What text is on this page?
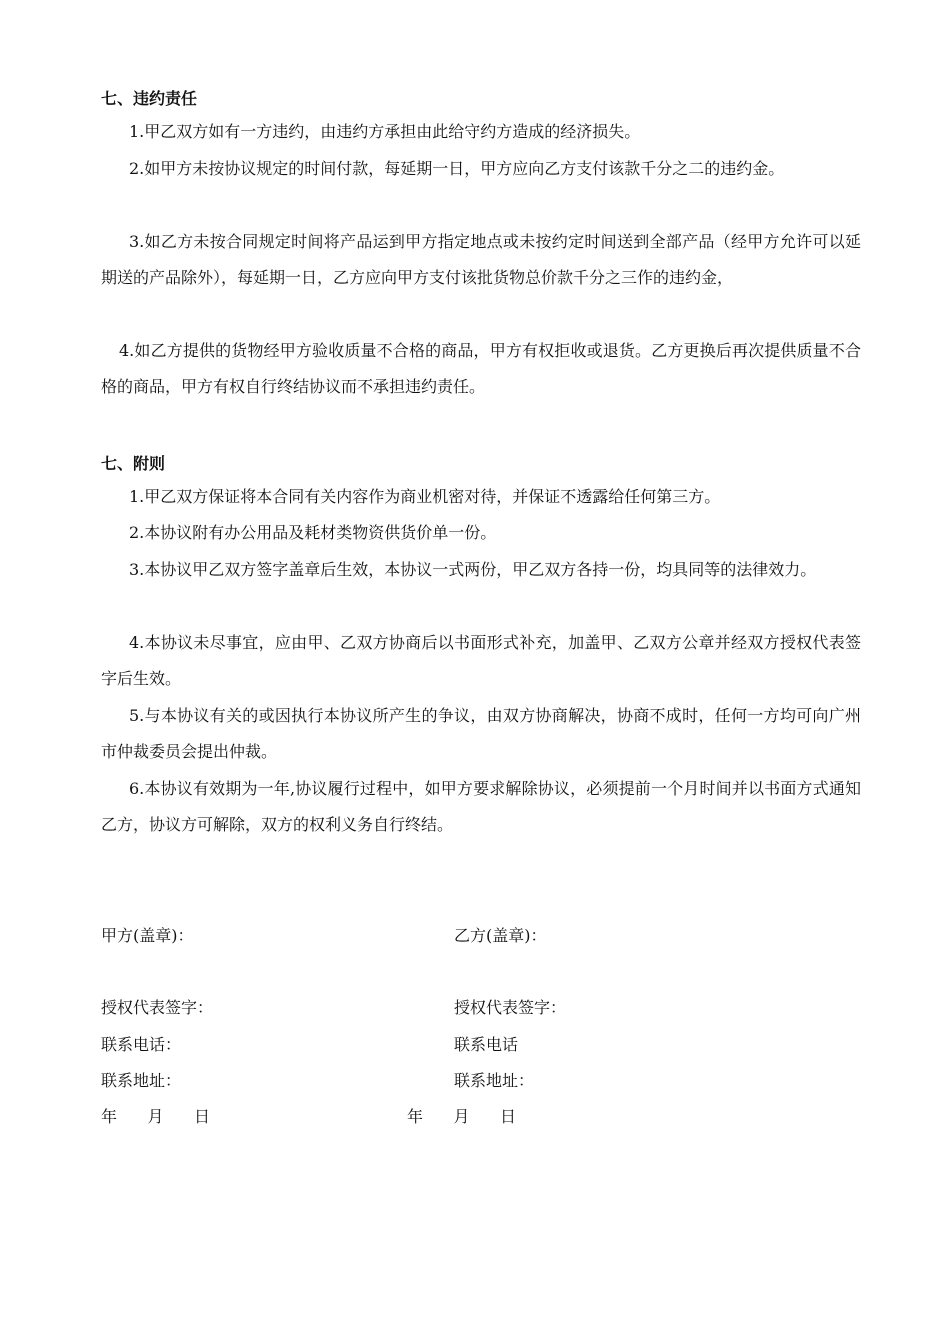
七、违约责任

1.甲乙双方如有一方违约，由违约方承担由此给守约方造成的经济损失。

2.如甲方未按协议规定的时间付款，每延期一日，甲方应向乙方支付该款千分之二的违约金。

3.如乙方未按合同规定时间将产品运到甲方指定地点或未按约定时间送到全部产品（经甲方允许可以延期送的产品除外），每延期一日，乙方应向甲方支付该批货物总价款千分之三作的违约金，

4.如乙方提供的货物经甲方验收质量不合格的商品，甲方有权拒收或退货。乙方更换后再次提供质量不合格的商品，甲方有权自行终结协议而不承担违约责任。

七、附则

1.甲乙双方保证将本合同有关内容作为商业机密对待，并保证不透露给任何第三方。

2.本协议附有办公用品及耗材类物资供货价单一份。

3.本协议甲乙双方签字盖章后生效，本协议一式两份，甲乙双方各持一份，均具同等的法律效力。

4.本协议未尽事宜，应由甲、乙双方协商后以书面形式补充，加盖甲、乙双方公章并经双方授权代表签字后生效。

5.与本协议有关的或因执行本协议所产生的争议，由双方协商解决，协商不成时，任何一方均可向广州市仲裁委员会提出仲裁。

6.本协议有效期为一年,协议履行过程中，如甲方要求解除协议，必须提前一个月时间并以书面方式通知乙方，协议方可解除，双方的权利义务自行终结。

甲方(盖章)：

授权代表签字：

联系电话：

联系地址：

年      月      日

乙方(盖章)：

授权代表签字：

联系电话

联系地址：

年      月      日
